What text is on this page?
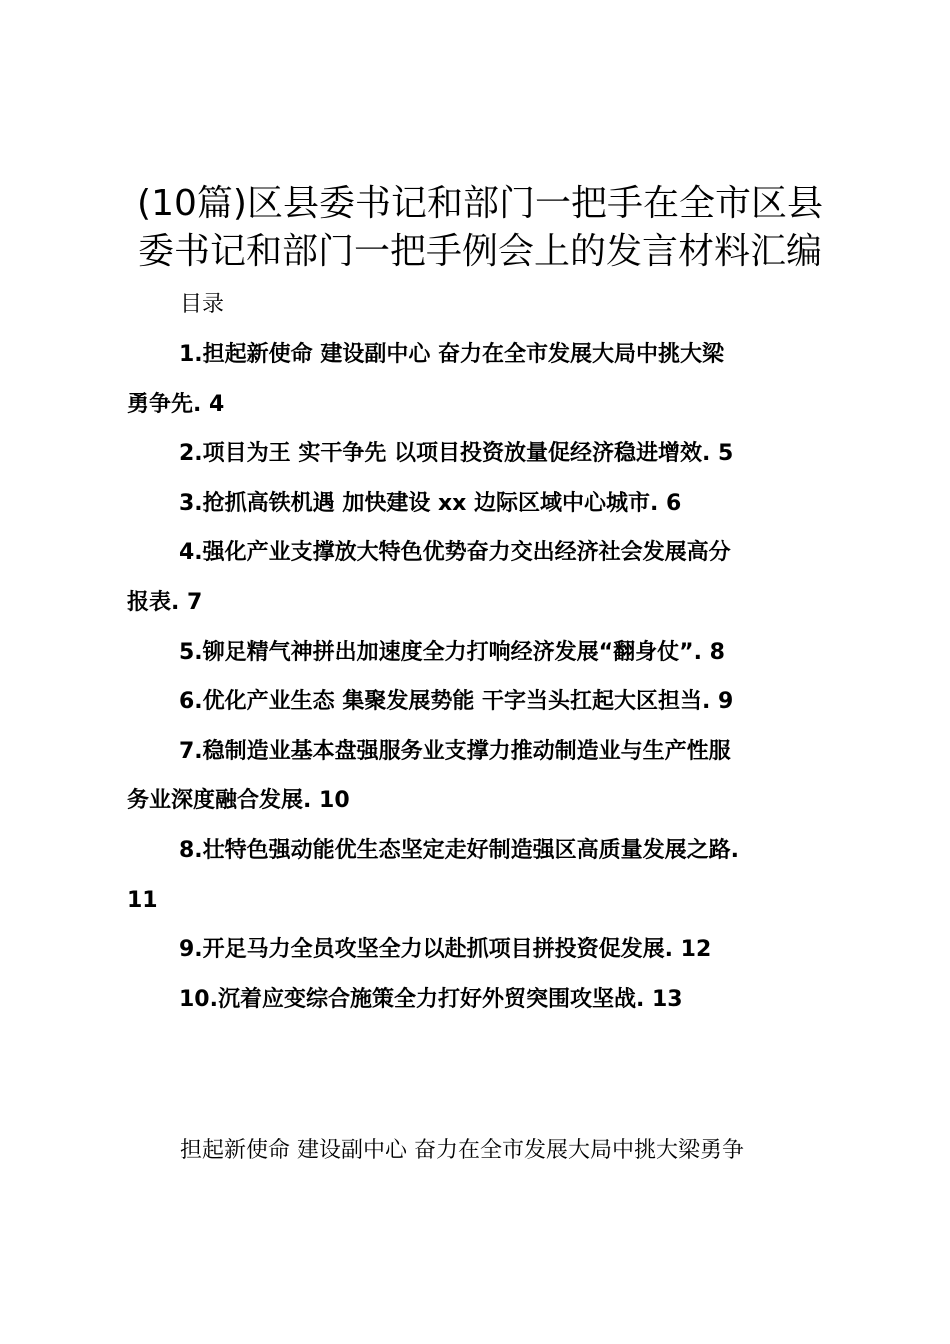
(10篇)区县委书记和部门一把手在全市区县
委书记和部门一把手例会上的发言材料汇编
目录
1.担起新使命 建设副中心 奋力在全市发展大局中挑大梁
勇争先. 4
2.项目为王 实干争先 以项目投资放量促经济稳进增效. 5
3.抢抓高铁机遇 加快建设 xx 边际区域中心城市. 6
4.强化产业支撑放大特色优势奋力交出经济社会发展高分
报表. 7
5.铆足精气神拼出加速度全力打响经济发展“翻身仗”. 8
6.优化产业生态 集聚发展势能 干字当头扛起大区担当. 9
7.稳制造业基本盘强服务业支撑力推动制造业与生产性服
务业深度融合发展. 10
8.壮特色强动能优生态坚定走好制造强区高质量发展之路.
11
9.开足马力全员攻坚全力以赴抓项目拼投资促发展. 12
10.沉着应变综合施策全力打好外贸突围攻坚战. 13
担起新使命 建设副中心 奋力在全市发展大局中挑大梁勇争
